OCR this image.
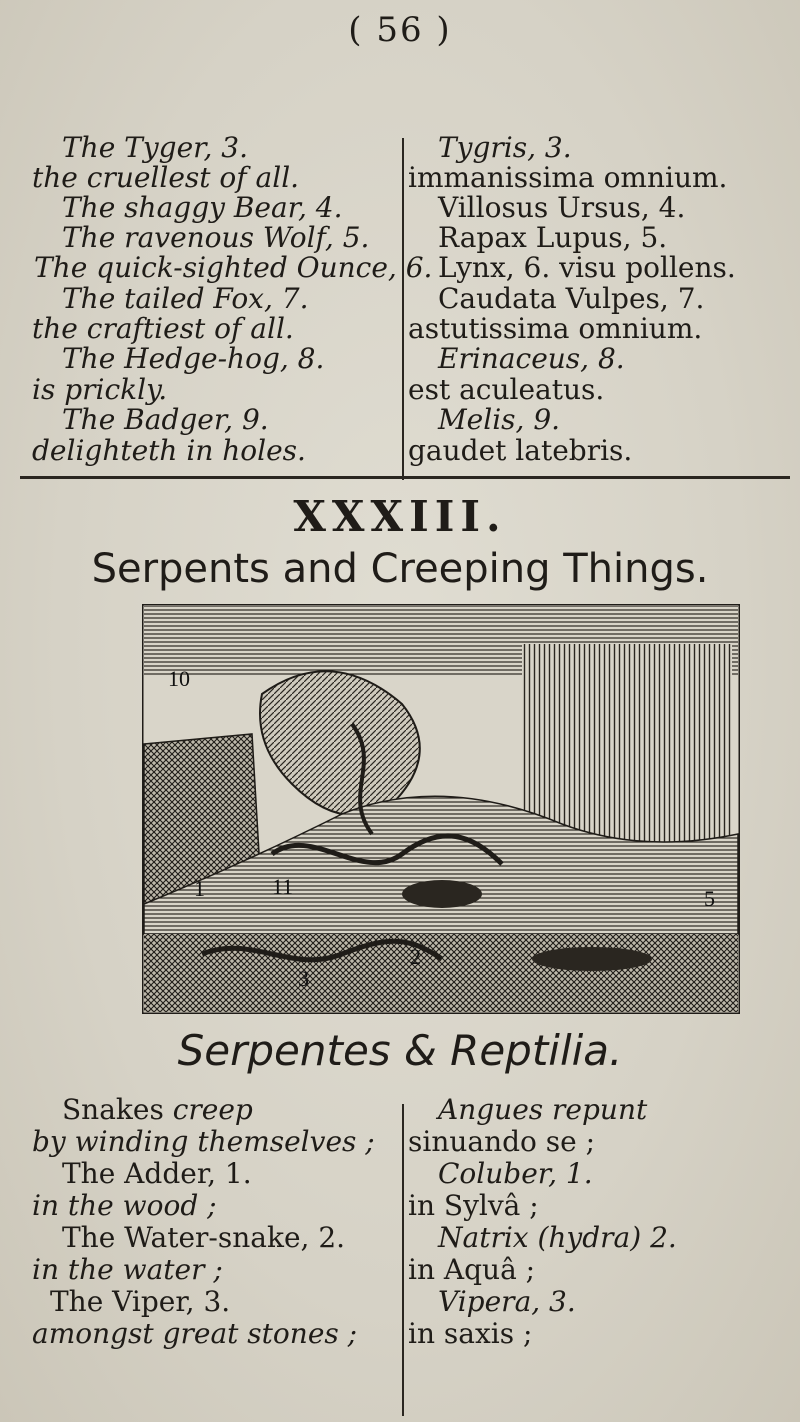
( 56 )
The Tyger, 3.
the cruellest of all.
The shaggy Bear, 4.
The ravenous Wolf, 5.
The quick-sighted Ounce, 6.
The tailed Fox, 7.
the craftiest of all.
The Hedge-hog, 8.
is prickly.
The Badger, 9.
delighteth in holes.
Tygris, 3.
immanissima omnium.
Villosus Ursus, 4.
Rapax Lupus, 5.
Lynx, 6. visu pollens.
Caudata Vulpes, 7.
astutissima omnium.
Erinaceus, 8.
est aculeatus.
Melis, 9.
gaudet latebris.
XXXIII.
Serpents and Creeping Things.
10
11
1
2
3
5
Serpentes & Reptilia.
Snakes creep
by winding themselves ;
The Adder, 1.
in the wood ;
The Water-snake, 2.
in the water ;
The Viper, 3.
amongst great stones ;
Angues repunt
sinuando se ;
Coluber, 1.
in Sylvâ ;
Natrix (hydra) 2.
in Aquâ ;
Vipera, 3.
in saxis ;
